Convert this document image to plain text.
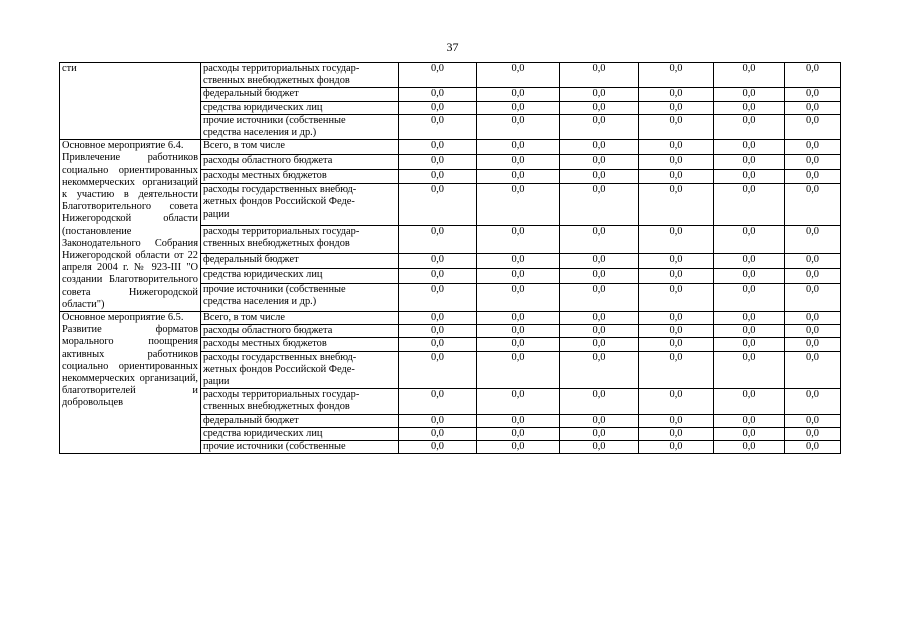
37
сти	расходы территориальных государ-
ственных внебюджетных фондов	0,0	0,0	0,0	0,0	0,0	0,0
	федеральный бюджет	0,0	0,0	0,0	0,0	0,0	0,0
	средства юридических лиц	0,0	0,0	0,0	0,0	0,0	0,0
	прочие источники (собственные
средства населения и др.)	0,0	0,0	0,0	0,0	0,0	0,0

Основное мероприятие 6.4.
Привлечение работников социально ориентированных некоммерческих организаций к участию в деятельности Благотворительного совета Нижегородской области (постановление Законодательного Собрания Нижегородской области от 22 апреля 2004 г. № 923-III "О создании Благотворительного совета Нижегородской области")	Всего, в том числе	0,0	0,0	0,0	0,0	0,0	0,0
	расходы областного бюджета	0,0	0,0	0,0	0,0	0,0	0,0
	расходы местных бюджетов	0,0	0,0	0,0	0,0	0,0	0,0
	расходы государственных внебюд-
жетных фондов Российской Феде-
рации	0,0	0,0	0,0	0,0	0,0	0,0
	расходы территориальных государ-
ственных внебюджетных фондов	0,0	0,0	0,0	0,0	0,0	0,0
	федеральный бюджет	0,0	0,0	0,0	0,0	0,0	0,0
	средства юридических лиц	0,0	0,0	0,0	0,0	0,0	0,0
	прочие источники (собственные
средства населения и др.)	0,0	0,0	0,0	0,0	0,0	0,0

Основное мероприятие 6.5.
Развитие форматов морального поощрения активных работников социально ориентированных некоммерческих организаций, благотворителей и добровольцев	Всего, в том числе	0,0	0,0	0,0	0,0	0,0	0,0
	расходы областного бюджета	0,0	0,0	0,0	0,0	0,0	0,0
	расходы местных бюджетов	0,0	0,0	0,0	0,0	0,0	0,0
	расходы государственных внебюд-
жетных фондов Российской Феде-
рации	0,0	0,0	0,0	0,0	0,0	0,0
	расходы территориальных государ-
ственных внебюджетных фондов	0,0	0,0	0,0	0,0	0,0	0,0
	федеральный бюджет	0,0	0,0	0,0	0,0	0,0	0,0
	средства юридических лиц	0,0	0,0	0,0	0,0	0,0	0,0
	прочие источники (собственные	0,0	0,0	0,0	0,0	0,0	0,0
